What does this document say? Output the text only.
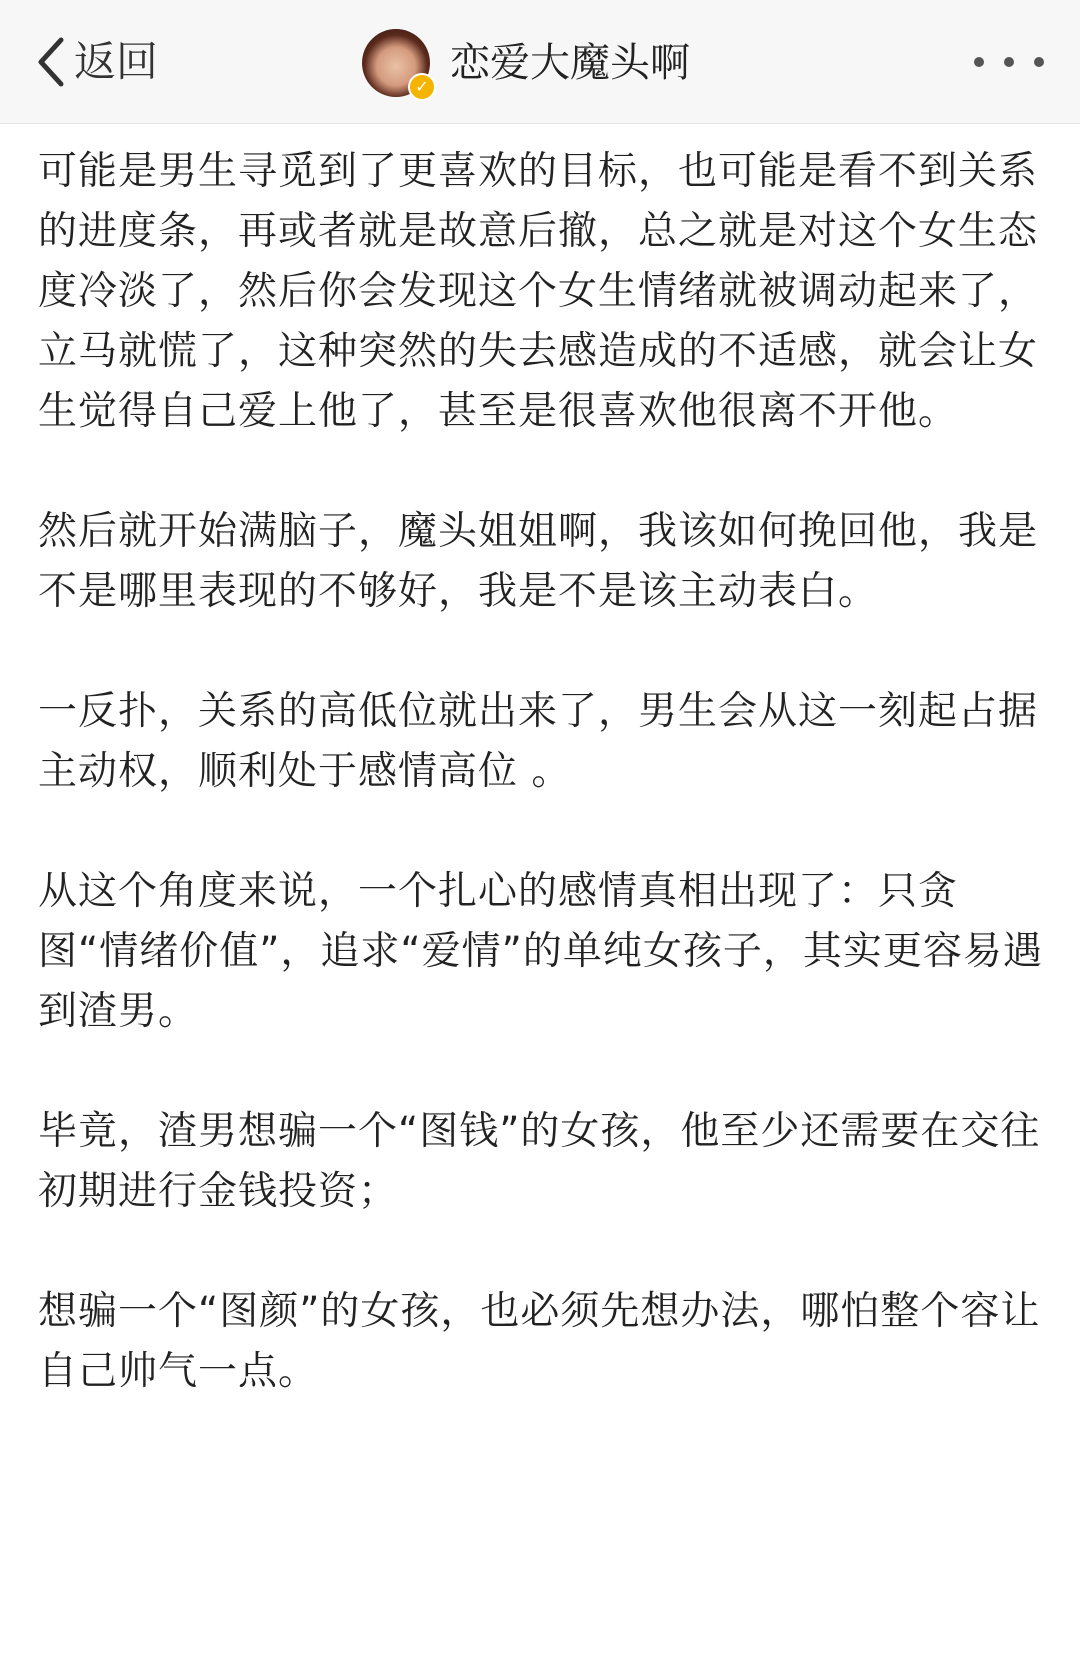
返回
✓
恋爱大魔头啊

可能是男生寻觅到了更喜欢的目标，也可能是看不到关系的进度条，再或者就是故意后撤，总之就是对这个女生态度冷淡了，然后你会发现这个女生情绪就被调动起来了，立马就慌了，这种突然的失去感造成的不适感，就会让女生觉得自己爱上他了，甚至是很喜欢他很离不开他。

然后就开始满脑子，魔头姐姐啊，我该如何挽回他，我是不是哪里表现的不够好，我是不是该主动表白。

一反扑，关系的高低位就出来了，男生会从这一刻起占据主动权，顺利处于感情高位 。

从这个角度来说，一个扎心的感情真相出现了：只贪图“情绪价值”，追求“爱情”的单纯女孩子，其实更容易遇到渣男。

毕竟，渣男想骗一个“图钱”的女孩，他至少还需要在交往初期进行金钱投资；

想骗一个“图颜”的女孩，也必须先想办法，哪怕整个容让自己帅气一点。
